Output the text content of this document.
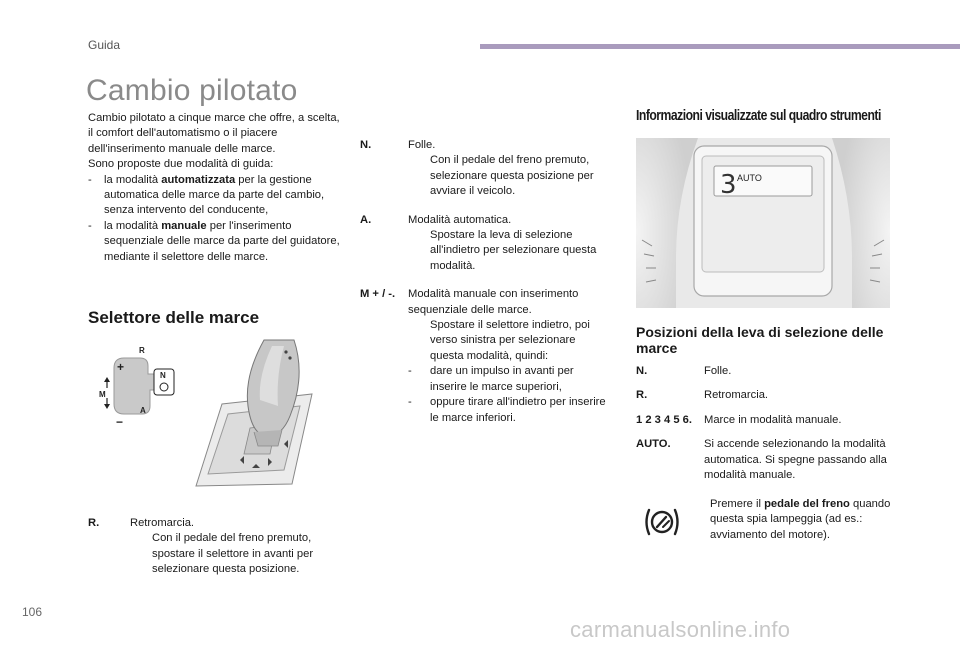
Guida
Cambio pilotato

Cambio pilotato a cinque marce che offre, a scelta, il comfort dell'automatismo o il piacere dell'inserimento manuale delle marce.

Sono proposte due modalità di guida:

-	la modalità automatizzata per la gestione automatica delle marce da parte del cambio, senza intervento del conducente,
-	la modalità manuale per l'inserimento sequenziale delle marce da parte del guidatore, mediante il selettore delle marce.
Selettore delle marce
R
+
M
A
−
N
R.	Retromarcia.
Con il pedale del freno premuto, spostare il selettore in avanti per selezionare questa posizione.
N.	Folle.
Con il pedale del freno premuto, selezionare questa posizione per avviare il veicolo.
A.	Modalità automatica.
Spostare la leva di selezione all'indietro per selezionare questa modalità.
M + / -.	Modalità manuale con inserimento sequenziale delle marce.
Spostare il selettore indietro, poi verso sinistra per selezionare questa modalità, quindi:
-	dare un impulso in avanti per inserire le marce superiori,
-	oppure tirare all'indietro per inserire le marce inferiori.
Informazioni visualizzate sul quadro strumenti
3 AUTO
Posizioni della leva di selezione delle marce
N.	Folle.
R.	Retromarcia.
1 2 3 4 5 6.	Marce in modalità manuale.
AUTO.	Si accende selezionando la modalità automatica. Si spegne passando alla modalità manuale.
Premere il pedale del freno quando questa spia lampeggia (ad es.: avviamento del motore).
106
carmanualsonline.info
